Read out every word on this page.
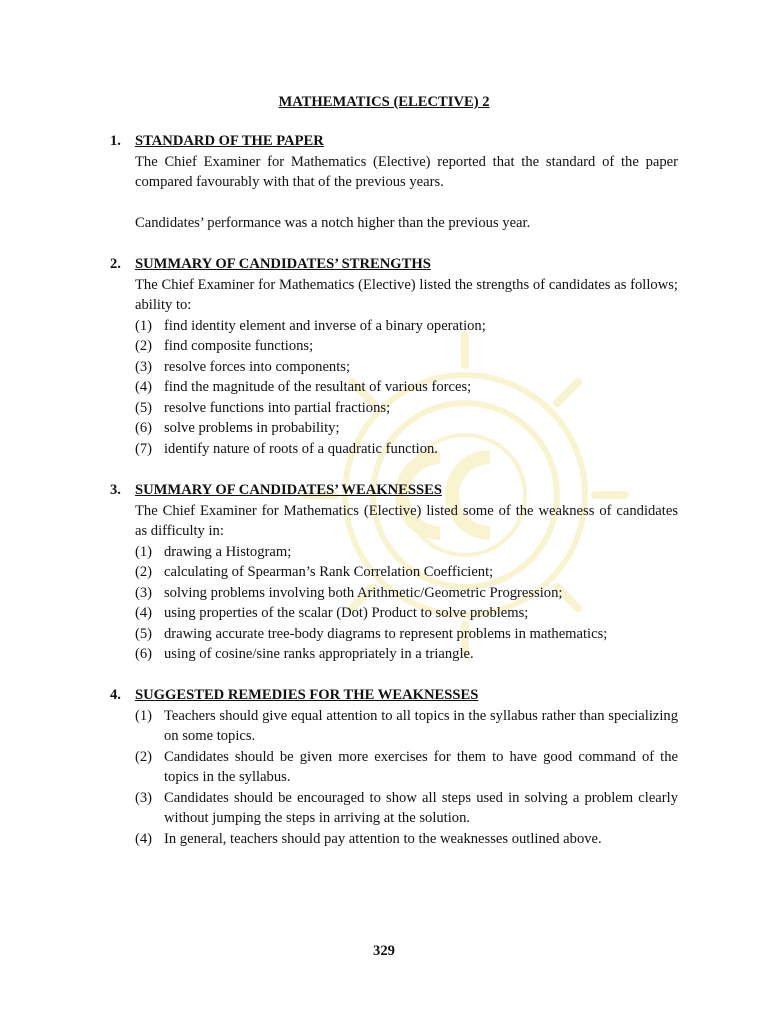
MATHEMATICS (ELECTIVE) 2
1. STANDARD OF THE PAPER
The Chief Examiner for Mathematics (Elective) reported that the standard of the paper compared favourably with that of the previous years.
Candidates’ performance was a notch higher than the previous year.
2. SUMMARY OF CANDIDATES’ STRENGTHS
The Chief Examiner for Mathematics (Elective) listed the strengths of candidates as follows; ability to:
(1) find identity element and inverse of a binary operation;
(2) find composite functions;
(3) resolve forces into components;
(4) find the magnitude of the resultant of various forces;
(5) resolve functions into partial fractions;
(6) solve problems in probability;
(7) identify nature of roots of a quadratic function.
3. SUMMARY OF CANDIDATES’ WEAKNESSES
The Chief Examiner for Mathematics (Elective) listed some of the weakness of candidates as difficulty in:
(1) drawing a Histogram;
(2) calculating of Spearman’s Rank Correlation Coefficient;
(3) solving problems involving both Arithmetic/Geometric Progression;
(4) using properties of the scalar (Dot) Product to solve problems;
(5) drawing accurate tree-body diagrams to represent problems in mathematics;
(6) using of cosine/sine ranks appropriately in a triangle.
4. SUGGESTED REMEDIES FOR THE WEAKNESSES
(1) Teachers should give equal attention to all topics in the syllabus rather than specializing on some topics.
(2) Candidates should be given more exercises for them to have good command of the topics in the syllabus.
(3) Candidates should be encouraged to show all steps used in solving a problem clearly without jumping the steps in arriving at the solution.
(4) In general, teachers should pay attention to the weaknesses outlined above.
329
